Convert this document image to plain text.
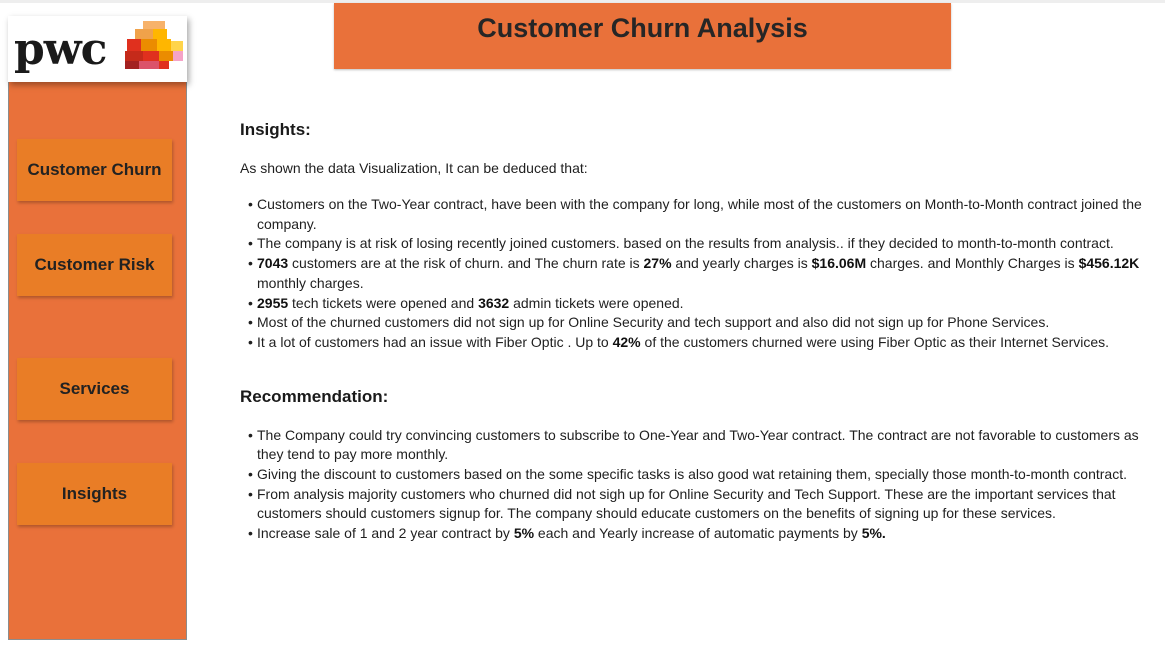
pwc
Customer Churn
Customer Risk
Services
Insights
Customer Churn Analysis
Insights:

As shown the data Visualization, It can be deduced that:

• Customers on the Two-Year contract, have been with the company for long, while most of the customers on Month-to-Month contract joined the company.
• The company is at risk of losing recently joined customers. based on the results from analysis.. if they decided to month-to-month contract.
• 7043 customers are at the risk of churn. and The churn rate is 27% and yearly charges is $16.06M charges. and Monthly Charges is $456.12K monthly charges.
• 2955 tech tickets were opened and 3632 admin tickets were opened.
• Most of the churned customers did not sign up for Online Security and tech support and also did not sign up for Phone Services.
• It a lot of customers had an issue with Fiber Optic . Up to 42% of the customers churned were using Fiber Optic as their Internet Services.
Recommendation:
• The Company could try convincing customers to subscribe to One-Year and Two-Year contract. The contract are not favorable to customers as they tend to pay more monthly.
• Giving the discount to customers based on the some specific tasks is also good wat retaining them, specially those month-to-month contract.
• From analysis majority customers who churned did not sigh up for Online Security and Tech Support. These are the important services that customers should customers signup for. The company should educate customers on the benefits of signing up for these services.
• Increase sale of 1 and 2 year contract by 5% each and Yearly increase of automatic payments by 5%.
